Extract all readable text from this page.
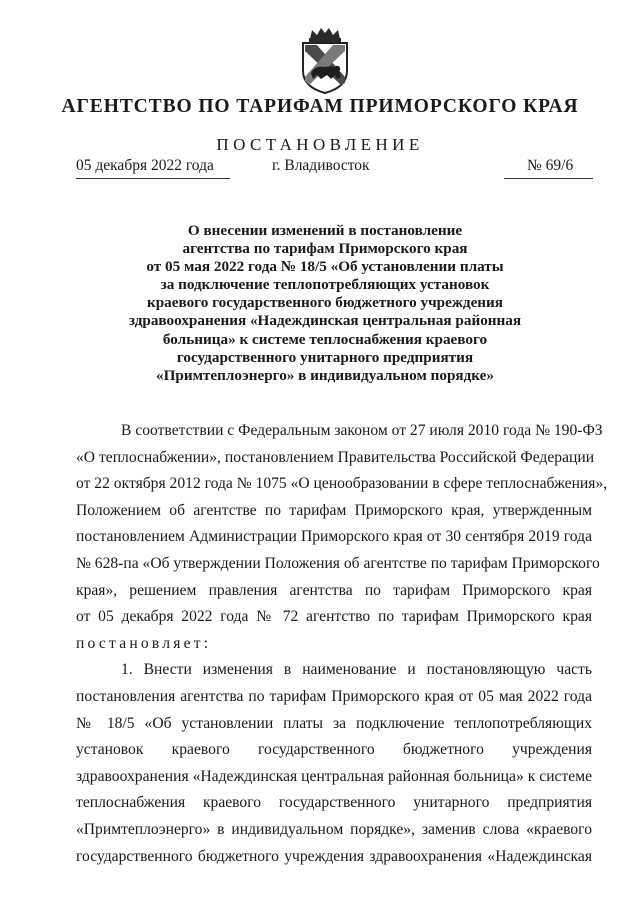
АГЕНТСТВО ПО ТАРИФАМ ПРИМОРСКОГО КРАЯ
ПОСТАНОВЛЕНИЕ
05 декабря 2022 года	г. Владивосток	№ 69/6
О внесении изменений в постановление
агентства по тарифам Приморского края
от 05 мая 2022 года № 18/5 «Об установлении платы
за подключение теплопотребляющих установок
краевого государственного бюджетного учреждения
здравоохранения «Надеждинская центральная районная
больница» к системе теплоснабжения краевого
государственного унитарного предприятия
«Примтеплоэнерго» в индивидуальном порядке»
В соответствии с Федеральным законом от 27 июля 2010 года № 190-ФЗ
«О теплоснабжении», постановлением Правительства Российской Федерации
от 22 октября 2012 года № 1075 «О ценообразовании в сфере теплоснабжения»,
Положением об агентстве по тарифам Приморского края, утвержденным
постановлением Администрации Приморского края от 30 сентября 2019 года
№ 628-па «Об утверждении Положения об агентстве по тарифам Приморского
края», решением правления агентства по тарифам Приморского края
от 05 декабря 2022 года № 72 агентство по тарифам Приморского края
постановляет:
1. Внести изменения в наименование и постановляющую часть
постановления агентства по тарифам Приморского края от 05 мая 2022 года
№ 18/5 «Об установлении платы за подключение теплопотребляющих
установок краевого государственного бюджетного учреждения
здравоохранения «Надеждинская центральная районная больница» к системе
теплоснабжения краевого государственного унитарного предприятия
«Примтеплоэнерго» в индивидуальном порядке», заменив слова «краевого
государственного бюджетного учреждения здравоохранения «Надеждинская
